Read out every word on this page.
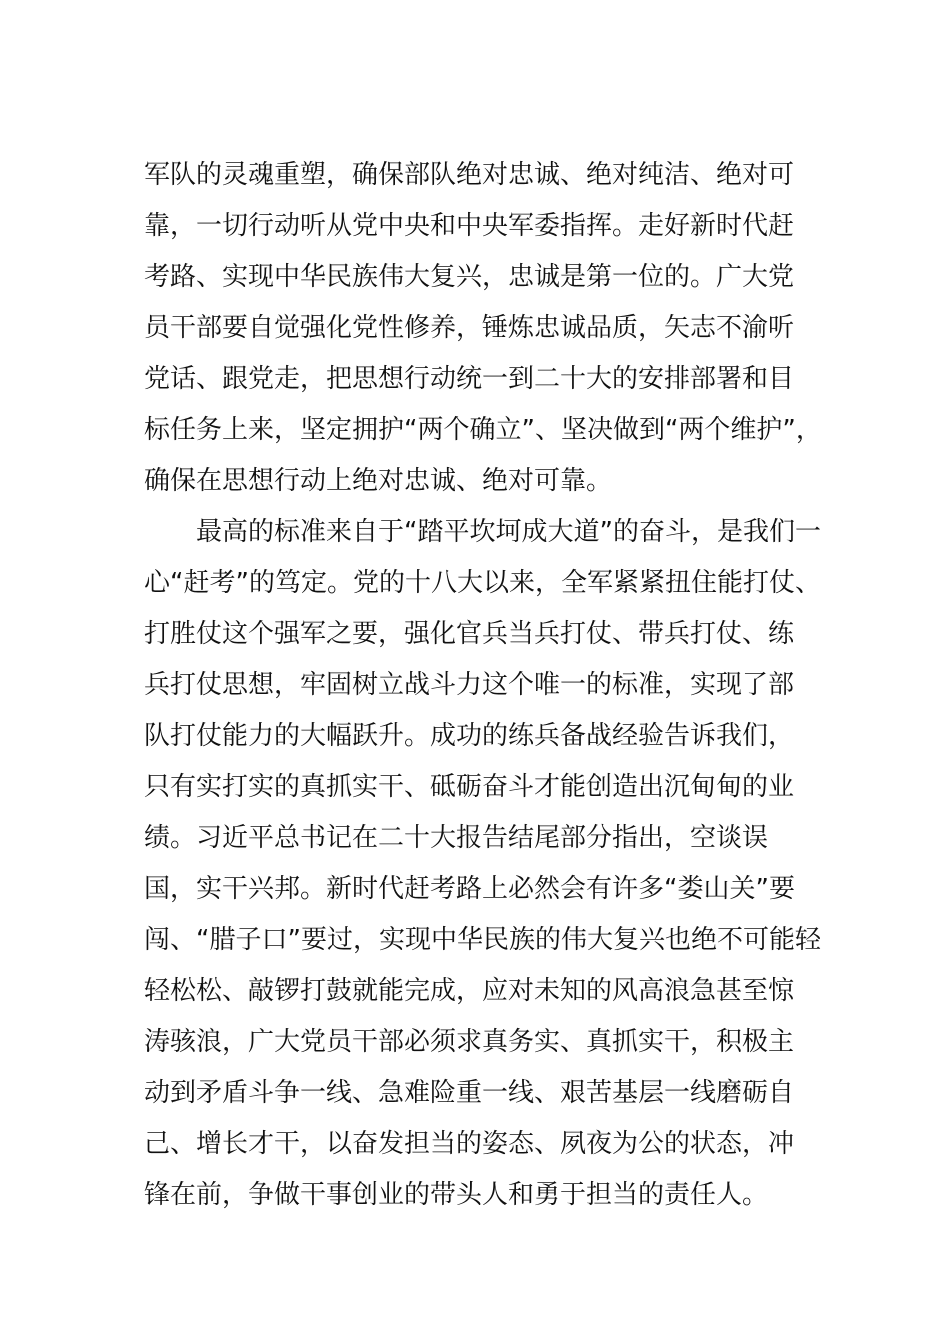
军队的灵魂重塑，确保部队绝对忠诚、绝对纯洁、绝对可
靠，一切行动听从党中央和中央军委指挥。走好新时代赶
考路、实现中华民族伟大复兴，忠诚是第一位的。广大党
员干部要自觉强化党性修养，锤炼忠诚品质，矢志不渝听
党话、跟党走，把思想行动统一到二十大的安排部署和目
标任务上来，坚定拥护“两个确立”、坚决做到“两个维护”，
确保在思想行动上绝对忠诚、绝对可靠。
最高的标准来自于“踏平坎坷成大道”的奋斗，是我们一
心“赶考”的笃定。党的十八大以来，全军紧紧扭住能打仗、
打胜仗这个强军之要，强化官兵当兵打仗、带兵打仗、练
兵打仗思想，牢固树立战斗力这个唯一的标准，实现了部
队打仗能力的大幅跃升。成功的练兵备战经验告诉我们，
只有实打实的真抓实干、砥砺奋斗才能创造出沉甸甸的业
绩。习近平总书记在二十大报告结尾部分指出，空谈误
国，实干兴邦。新时代赶考路上必然会有许多“娄山关”要
闯、“腊子口”要过，实现中华民族的伟大复兴也绝不可能轻
轻松松、敲锣打鼓就能完成，应对未知的风高浪急甚至惊
涛骇浪，广大党员干部必须求真务实、真抓实干，积极主
动到矛盾斗争一线、急难险重一线、艰苦基层一线磨砺自
己、增长才干，以奋发担当的姿态、夙夜为公的状态，冲
锋在前，争做干事创业的带头人和勇于担当的责任人。
